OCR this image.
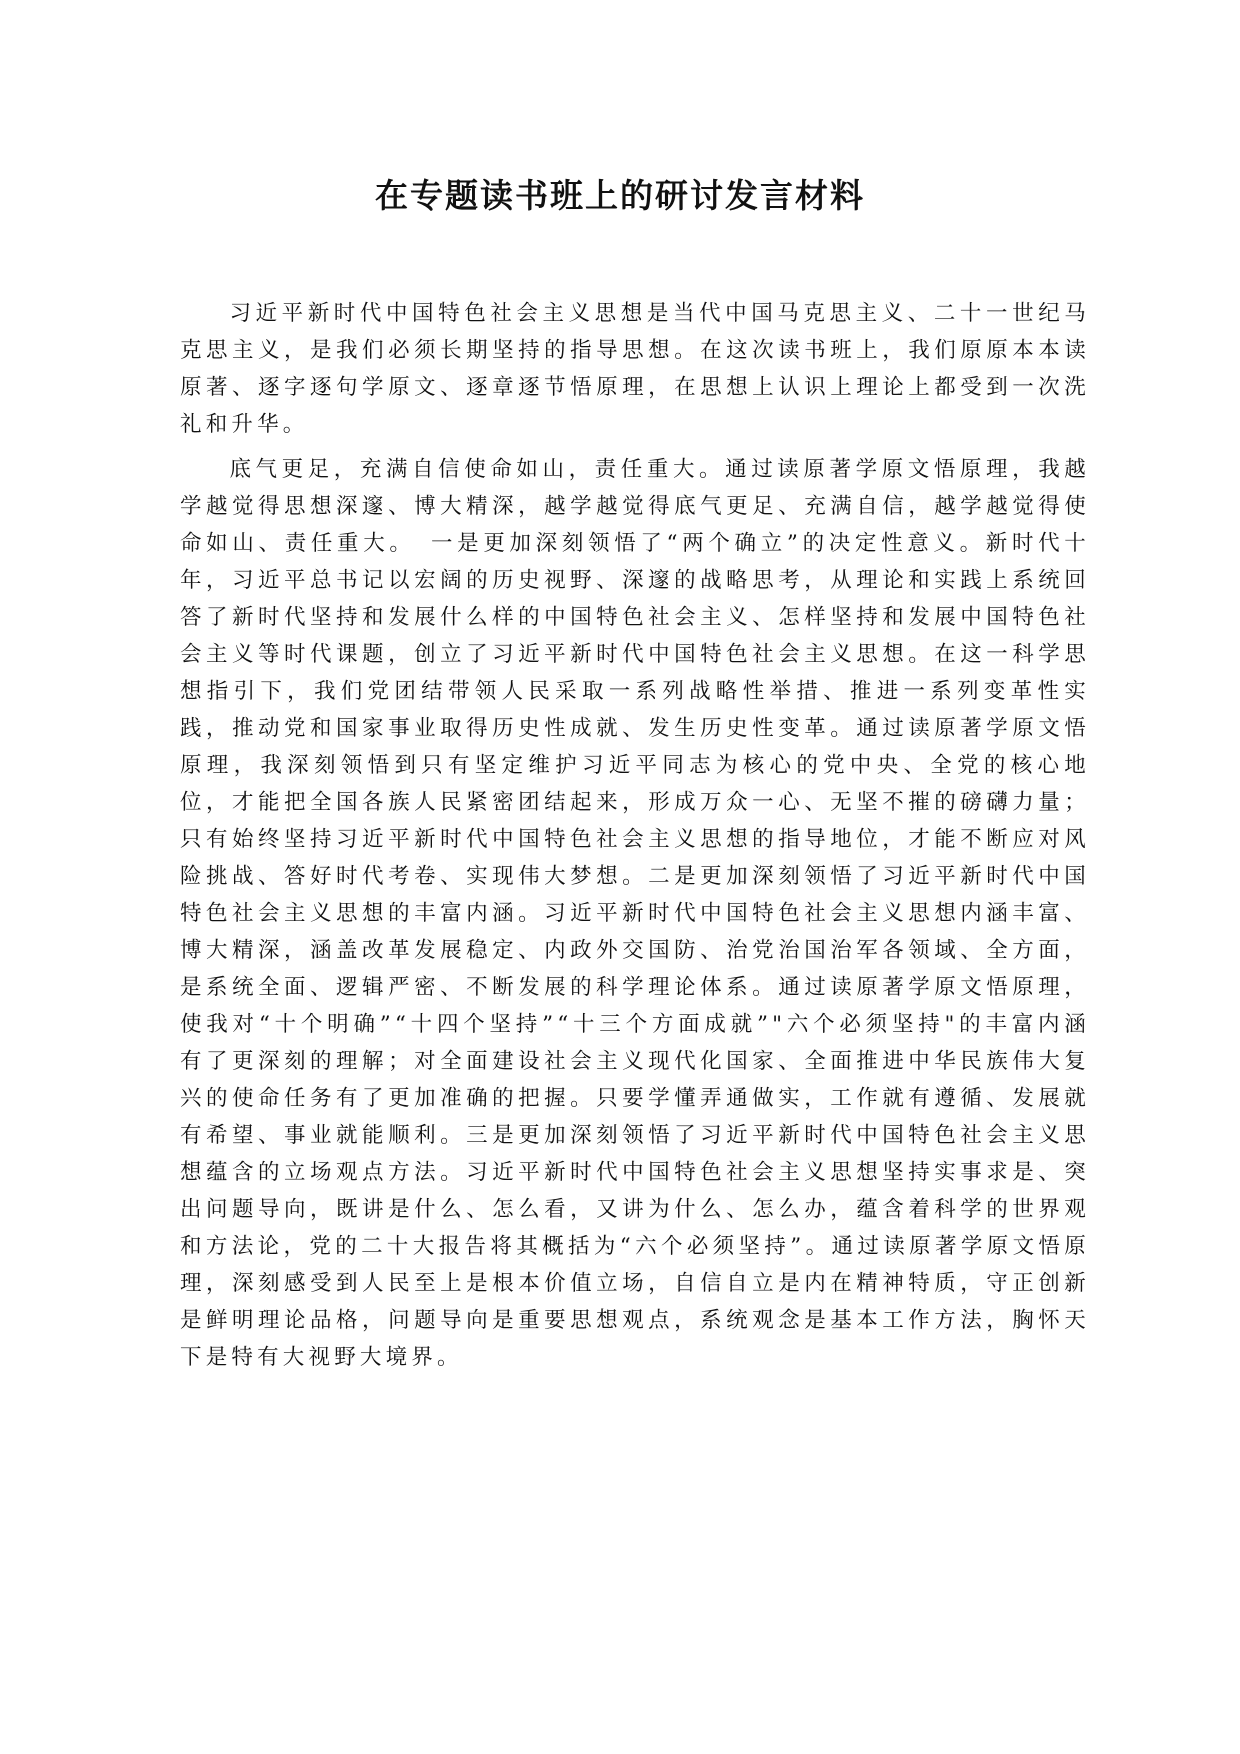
在专题读书班上的研讨发言材料

习近平新时代中国特色社会主义思想是当代中国马克思主义、二十一世纪马克思主义，是我们必须长期坚持的指导思想。在这次读书班上，我们原原本本读原著、逐字逐句学原文、逐章逐节悟原理，在思想上认识上理论上都受到一次洗礼和升华。

底气更足，充满自信使命如山，责任重大。通过读原著学原文悟原理，我越学越觉得思想深邃、博大精深，越学越觉得底气更足、充满自信，越学越觉得使命如山、责任重大。　一是更加深刻领悟了“两个确立”的决定性意义。新时代十年，习近平总书记以宏阔的历史视野、深邃的战略思考，从理论和实践上系统回答了新时代坚持和发展什么样的中国特色社会主义、怎样坚持和发展中国特色社会主义等时代课题，创立了习近平新时代中国特色社会主义思想。在这一科学思想指引下，我们党团结带领人民采取一系列战略性举措、推进一系列变革性实践，推动党和国家事业取得历史性成就、发生历史性变革。通过读原著学原文悟原理，我深刻领悟到只有坚定维护习近平同志为核心的党中央、全党的核心地位，才能把全国各族人民紧密团结起来，形成万众一心、无坚不摧的磅礴力量；只有始终坚持习近平新时代中国特色社会主义思想的指导地位，才能不断应对风险挑战、答好时代考卷、实现伟大梦想。二是更加深刻领悟了习近平新时代中国特色社会主义思想的丰富内涵。习近平新时代中国特色社会主义思想内涵丰富、博大精深，涵盖改革发展稳定、内政外交国防、治党治国治军各领域、全方面，是系统全面、逻辑严密、不断发展的科学理论体系。通过读原著学原文悟原理，使我对“十个明确”“十四个坚持”“十三个方面成就”"六个必须坚持"的丰富内涵有了更深刻的理解；对全面建设社会主义现代化国家、全面推进中华民族伟大复兴的使命任务有了更加准确的把握。只要学懂弄通做实，工作就有遵循、发展就有希望、事业就能顺利。三是更加深刻领悟了习近平新时代中国特色社会主义思想蕴含的立场观点方法。习近平新时代中国特色社会主义思想坚持实事求是、突出问题导向，既讲是什么、怎么看，又讲为什么、怎么办，蕴含着科学的世界观和方法论，党的二十大报告将其概括为“六个必须坚持”。通过读原著学原文悟原理，深刻感受到人民至上是根本价值立场，自信自立是内在精神特质，守正创新是鲜明理论品格，问题导向是重要思想观点，系统观念是基本工作方法，胸怀天下是特有大视野大境界。
